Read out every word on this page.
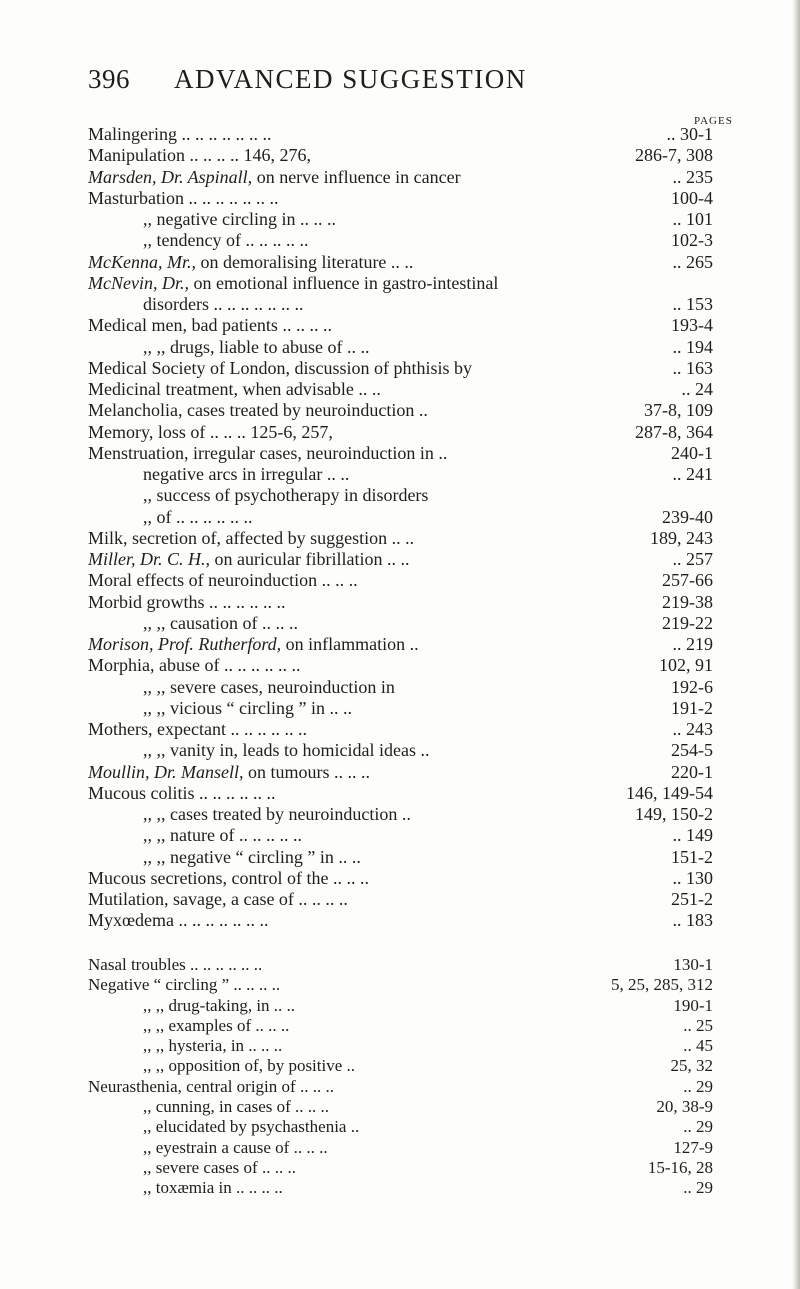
396 ADVANCED SUGGESTION
PAGES
Malingering .. .. .. .. .. .. ..	.. 30-1
Manipulation .. .. .. .. 146, 276,	286-7, 308
Marsden, Dr. Aspinall, on nerve influence in cancer	.. 235
Masturbation .. .. .. .. .. .. ..	100-4
,, negative circling in .. .. ..	.. 101
,, tendency of .. .. .. .. ..	102-3
McKenna, Mr., on demoralising literature .. ..	.. 265
McNevin, Dr., on emotional influence in gastro-intestinal
disorders .. .. .. .. .. .. ..	.. 153
Medical men, bad patients .. .. .. ..	193-4
,, ,, drugs, liable to abuse of .. ..	.. 194
Medical Society of London, discussion of phthisis by	.. 163
Medicinal treatment, when advisable .. ..	.. 24
Melancholia, cases treated by neuroinduction ..	37-8, 109
Memory, loss of .. .. .. 125-6, 257,	287-8, 364
Menstruation, irregular cases, neuroinduction in ..	240-1
negative arcs in irregular .. ..	.. 241
,, success of psychotherapy in disorders
,, of .. .. .. .. .. ..	239-40
Milk, secretion of, affected by suggestion .. ..	189, 243
Miller, Dr. C. H., on auricular fibrillation .. ..	.. 257
Moral effects of neuroinduction .. .. ..	257-66
Morbid growths .. .. .. .. .. ..	219-38
,, ,, causation of .. .. ..	219-22
Morison, Prof. Rutherford, on inflammation ..	.. 219
Morphia, abuse of .. .. .. .. .. ..	102, 91
,, ,, severe cases, neuroinduction in	192-6
,, ,, vicious “ circling ” in .. ..	191-2
Mothers, expectant .. .. .. .. .. ..	.. 243
,, ,, vanity in, leads to homicidal ideas ..	254-5
Moullin, Dr. Mansell, on tumours .. .. ..	220-1
Mucous colitis .. .. .. .. .. ..	146, 149-54
,, ,, cases treated by neuroinduction ..	149, 150-2
,, ,, nature of .. .. .. .. ..	.. 149
,, ,, negative “ circling ” in .. ..	151-2
Mucous secretions, control of the .. .. ..	.. 130
Mutilation, savage, a case of .. .. .. ..	251-2
Myxœdema .. .. .. .. .. .. ..	.. 183
Nasal troubles .. .. .. .. .. ..	130-1
Negative “ circling ” .. .. .. ..	5, 25, 285, 312
,, ,, drug-taking, in .. ..	190-1
,, ,, examples of .. .. ..	.. 25
,, ,, hysteria, in .. .. ..	.. 45
,, ,, opposition of, by positive ..	25, 32
Neurasthenia, central origin of .. .. ..	.. 29
,, cunning, in cases of .. .. ..	20, 38-9
,, elucidated by psychasthenia ..	.. 29
,, eyestrain a cause of .. .. ..	127-9
,, severe cases of .. .. ..	15-16, 28
,, toxæmia in .. .. .. ..	.. 29
